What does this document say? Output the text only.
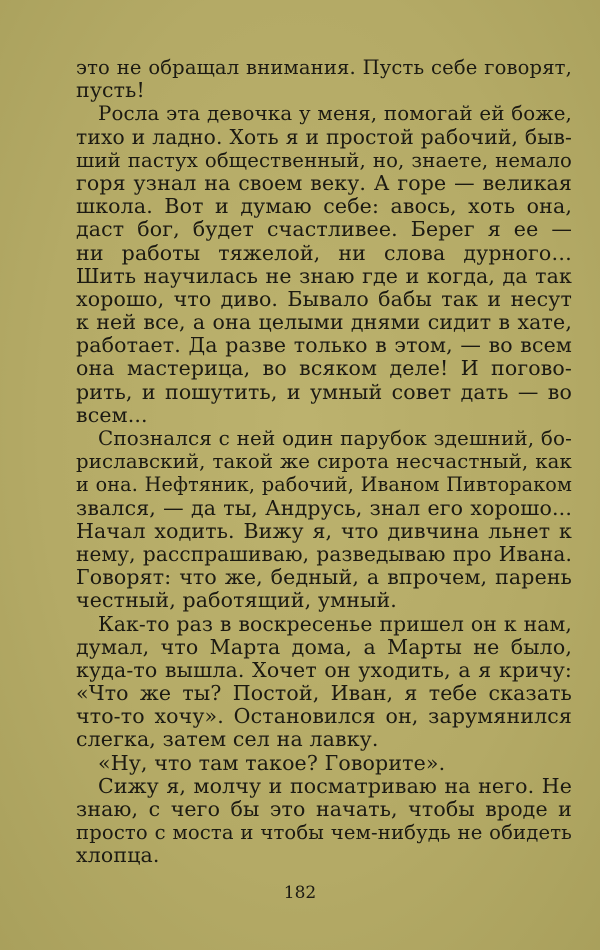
это не обращал внимания. Пусть себе говорят,
пусть!
Росла эта девочка у меня, помогай ей боже,
тихо и ладно. Хоть я и простой рабочий, быв-
ший пастух общественный, но, знаете, немало
горя узнал на своем веку. А горе — великая
школа. Вот и думаю себе: авось, хоть она,
даст бог, будет счастливее. Берег я ее —
ни работы тяжелой, ни слова дурного…
Шить научилась не знаю где и когда, да так
хорошо, что диво. Бывало бабы так и несут
к ней все, а она целыми днями сидит в хате,
работает. Да разве только в этом, — во всем
она мастерица, во всяком деле! И погово-
рить, и пошутить, и умный совет дать — во
всем...
Спознался с ней один парубок здешний, бо-
риславский, такой же сирота несчастный, как
и она. Нефтяник, рабочий, Иваном Пивтораком
звался, — да ты, Андрусь, знал его хорошо...
Начал ходить. Вижу я, что дивчина льнет к
нему, расспрашиваю, разведываю про Ивана.
Говорят: что же, бедный, а впрочем, парень
честный, работящий, умный.
Как-то раз в воскресенье пришел он к нам,
думал, что Марта дома, а Марты не было,
куда-то вышла. Хочет он уходить, а я кричу:
«Что же ты? Постой, Иван, я тебе сказать
что-то хочу». Остановился он, зарумянился
слегка, затем сел на лавку.
«Ну, что там такое? Говорите».
Сижу я, молчу и посматриваю на него. Не
знаю, с чего бы это начать, чтобы вроде и
просто с моста и чтобы чем-нибудь не обидеть
хлопца.
182
